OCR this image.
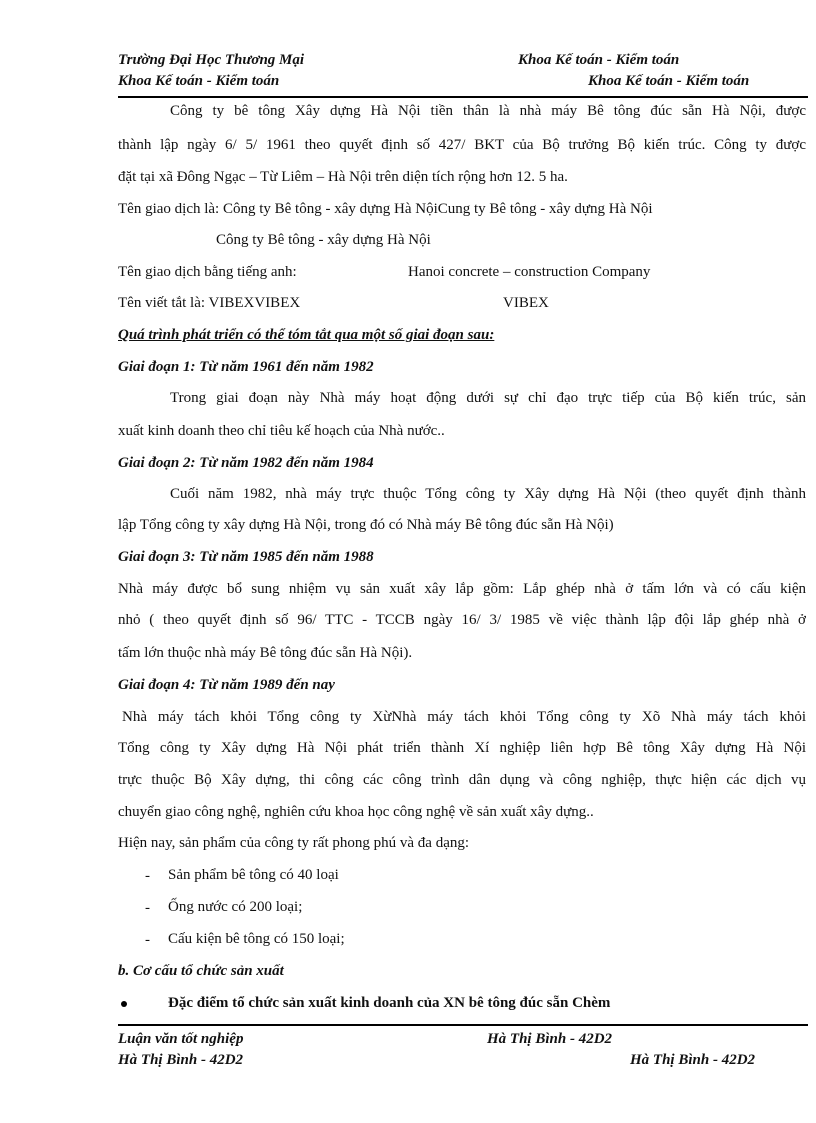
Trường Đại Học Thương Mại	Khoa Kế toán - Kiểm toán
Khoa Kế toán - Kiểm toán	Khoa Kế toán - Kiểm toán
Công ty bê tông Xây dựng Hà Nội tiền thân là nhà máy Bê tông đúc sẵn Hà Nội, được
thành lập ngày 6/ 5/ 1961 theo quyết định số 427/ BKT của Bộ trưởng Bộ kiến trúc. Công ty được
đặt tại xã Đông Ngạc – Từ Liêm – Hà Nội trên diện tích rộng hơn 12. 5 ha.
Tên giao dịch là: Công ty Bê tông - xây dựng Hà NộiCung ty Bê tông - xây dựng Hà Nội
Công ty Bê tông - xây dựng Hà Nội
Tên giao dịch bằng tiếng anh:	Hanoi concrete – construction Company
Tên viết tắt là: VIBEXVIBEX	VIBEX
Quá trình phát triển có thể tóm tắt qua một số giai đoạn sau:
Giai đoạn 1: Từ năm 1961 đến năm 1982
Trong giai đoạn này Nhà máy hoạt động dưới sự chỉ đạo trực tiếp của Bộ kiến trúc, sản
xuất kinh doanh theo chỉ tiêu kế hoạch của Nhà nước..
Giai đoạn 2: Từ năm 1982 đến năm 1984
Cuối năm 1982, nhà máy trực thuộc Tổng công ty Xây dựng Hà Nội (theo quyết định thành
lập Tổng công ty xây dựng Hà Nội, trong đó có Nhà máy Bê tông đúc sẵn Hà Nội)
Giai đoạn 3: Từ năm 1985 đến năm 1988
Nhà máy được bổ sung nhiệm vụ sản xuất xây lắp gồm: Lắp ghép nhà ở tấm lớn và có cấu kiện
nhỏ ( theo quyết định số 96/ TTC - TCCB ngày 16/ 3/ 1985 về việc thành lập đội lắp ghép nhà ở
tấm lớn thuộc nhà máy Bê tông đúc sẵn Hà Nội).
Giai đoạn 4: Từ năm 1989 đến nay
Nhà máy tách khỏi Tổng công ty XừNhà máy tách khỏi Tổng công ty Xõ Nhà máy tách khỏi
Tổng công ty Xây dựng Hà Nội phát triển thành Xí nghiệp liên hợp Bê tông Xây dựng Hà Nội
trực thuộc Bộ Xây dựng, thi công các công trình dân dụng và công nghiệp, thực hiện các dịch vụ
chuyển giao công nghệ, nghiên cứu khoa học công nghệ về sản xuất xây dựng..
Hiện nay, sản phẩm của công ty rất phong phú và đa dạng:
- Sản phẩm bê tông có 40 loại
- Ống nước có 200 loại;
- Cấu kiện bê tông có 150 loại;
b. Cơ cấu tổ chức sản xuất
Đặc điểm tổ chức sản xuất kinh doanh của XN bê tông đúc sẵn Chèm
Luận văn tốt nghiệp	Hà Thị Bình - 42D2
Hà Thị Bình - 42D2	Hà Thị Bình - 42D2
